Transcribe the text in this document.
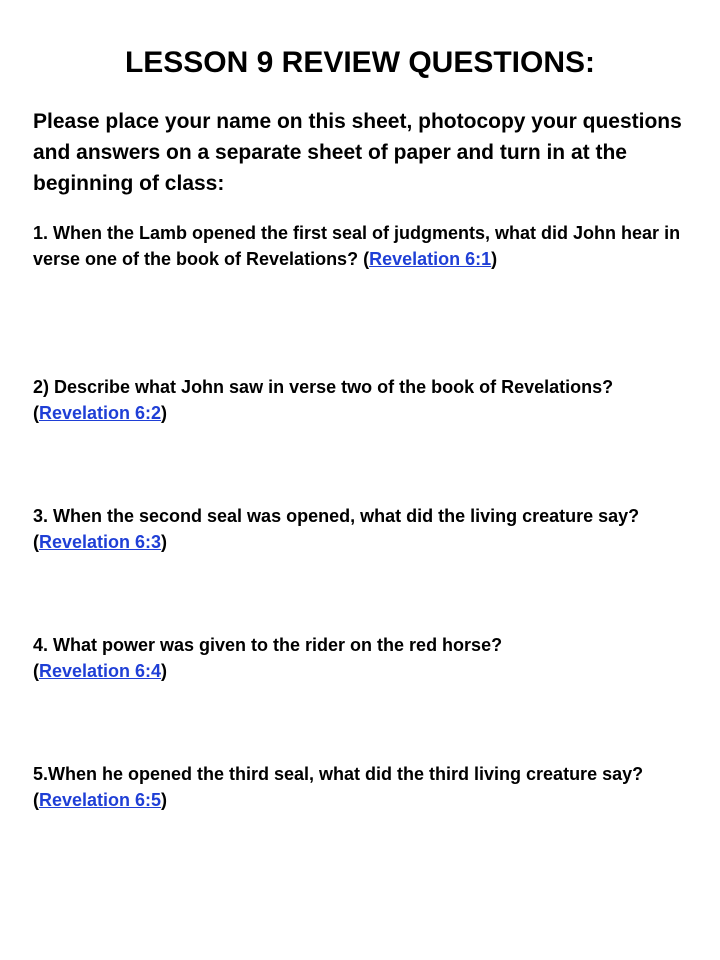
LESSON 9 REVIEW QUESTIONS:

Please place your name on this sheet, photocopy your questions and answers on a separate sheet of paper and turn in at the beginning of class:

1. When the Lamb opened the first seal of judgments, what did John hear in verse one of the book of Revelations? (Revelation 6:1)

2) Describe what John saw in verse two of the book of Revelations? (Revelation 6:2)

3. When the second seal was opened, what did the living creature say? (Revelation 6:3)

4. What power was given to the rider on the red horse?
(Revelation 6:4)

5.When he opened the third seal, what did the third living creature say? (Revelation 6:5)
